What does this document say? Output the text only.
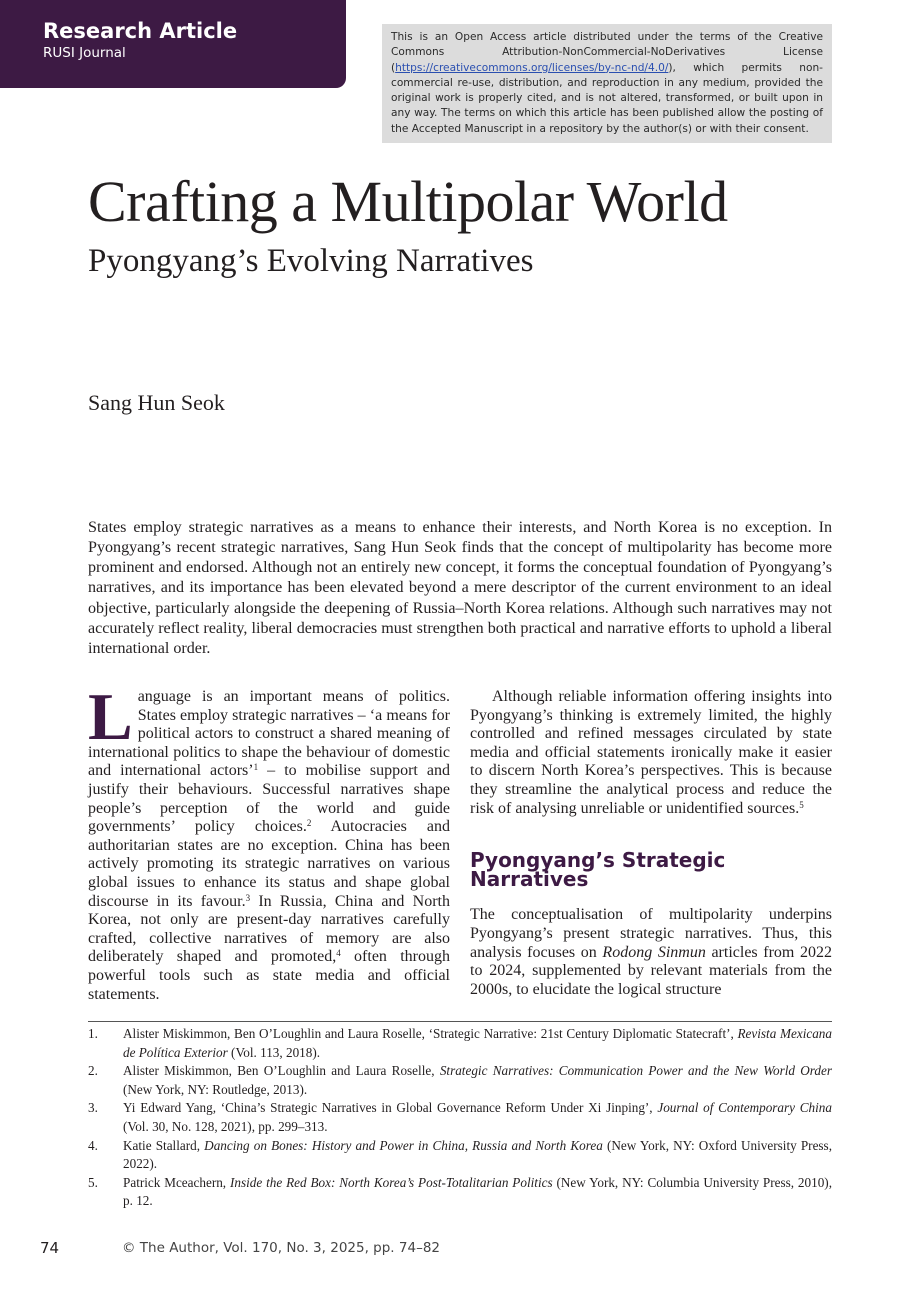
Research Article
RUSI Journal
This is an Open Access article distributed under the terms of the Creative Commons Attribution-NonCommercial-NoDerivatives License (https://creativecommons.org/licenses/by-nc-nd/4.0/), which permits non-commercial re-use, distribution, and reproduction in any medium, provided the original work is properly cited, and is not altered, transformed, or built upon in any way. The terms on which this article has been published allow the posting of the Accepted Manuscript in a repository by the author(s) or with their consent.
Crafting a Multipolar World
Pyongyang’s Evolving Narratives
Sang Hun Seok

States employ strategic narratives as a means to enhance their interests, and North Korea is no exception. In Pyongyang’s recent strategic narratives, Sang Hun Seok finds that the concept of multipolarity has become more prominent and endorsed. Although not an entirely new concept, it forms the conceptual foundation of Pyongyang’s narratives, and its importance has been elevated beyond a mere descriptor of the current environment to an ideal objective, particularly alongside the deepening of Russia–North Korea relations. Although such narratives may not accurately reflect reality, liberal democracies must strengthen both practical and narrative efforts to uphold a liberal international order.

Language is an important means of politics. States employ strategic narratives – ‘a means for political actors to construct a shared meaning of international politics to shape the behaviour of domestic and international actors’$^1$ – to mobilise support and justify their behaviours. Successful narratives shape people’s perception of the world and guide governments’ policy choices.$^2$ Autocracies and authoritarian states are no exception. China has been actively promoting its strategic narratives on various global issues to enhance its status and shape global discourse in its favour.$^3$ In Russia, China and North Korea, not only are present-day narratives carefully crafted, collective narratives of memory are also deliberately shaped and promoted,$^4$ often through powerful tools such as state media and official statements.

Although reliable information offering insights into Pyongyang’s thinking is extremely limited, the highly controlled and refined messages circulated by state media and official statements ironically make it easier to discern North Korea’s perspectives. This is because they streamline the analytical process and reduce the risk of analysing unreliable or unidentified sources.$^5$

Pyongyang’s Strategic Narratives

The conceptualisation of multipolarity underpins Pyongyang’s present strategic narratives. Thus, this analysis focuses on Rodong Sinmun articles from 2022 to 2024, supplemented by relevant materials from the 2000s, to elucidate the logical structure

1.	Alister Miskimmon, Ben O’Loughlin and Laura Roselle, ‘Strategic Narrative: 21st Century Diplomatic Statecraft’, Revista Mexicana de Política Exterior (Vol. 113, 2018).
2.	Alister Miskimmon, Ben O’Loughlin and Laura Roselle, Strategic Narratives: Communication Power and the New World Order (New York, NY: Routledge, 2013).
3.	Yi Edward Yang, ‘China’s Strategic Narratives in Global Governance Reform Under Xi Jinping’, Journal of Contemporary China (Vol. 30, No. 128, 2021), pp. 299–313.
4.	Katie Stallard, Dancing on Bones: History and Power in China, Russia and North Korea (New York, NY: Oxford University Press, 2022).
5.	Patrick Mceachern, Inside the Red Box: North Korea’s Post-Totalitarian Politics (New York, NY: Columbia University Press, 2010), p. 12.
74	© The Author, Vol. 170, No. 3, 2025, pp. 74–82
